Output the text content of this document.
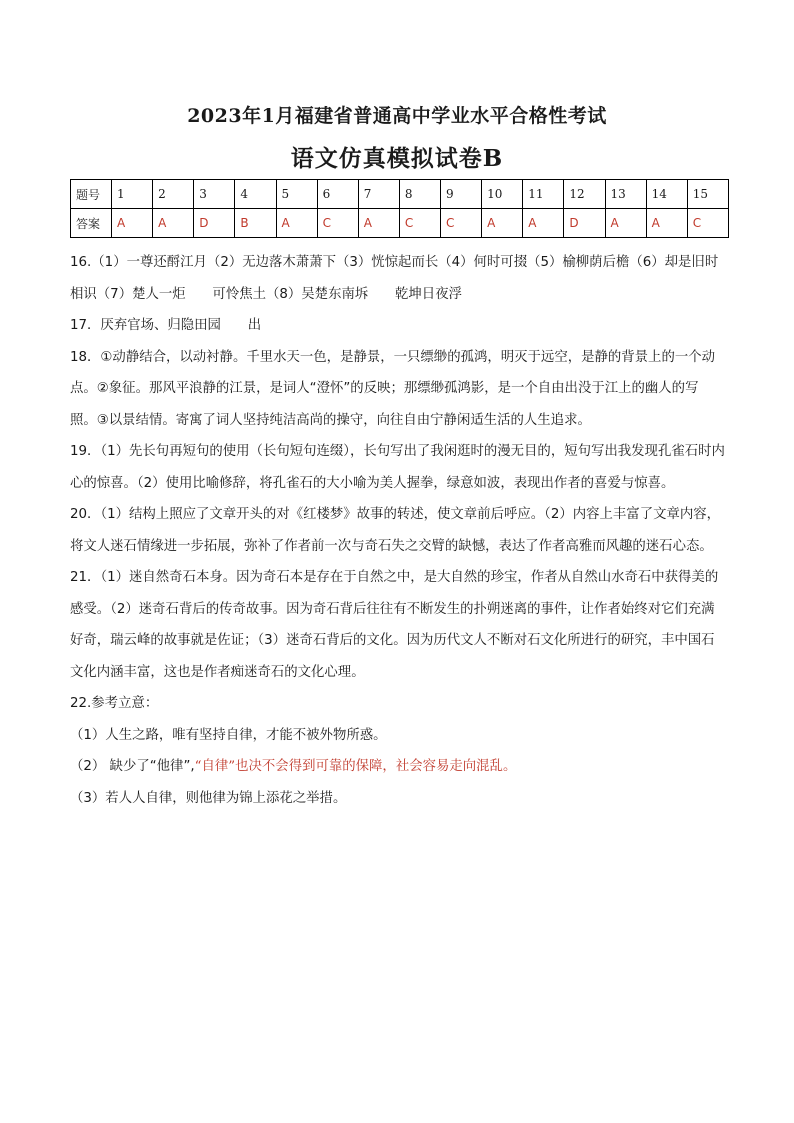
2023年1月福建省普通高中学业水平合格性考试
语文仿真模拟试卷B
题号	1	2	3	4	5	6	7	8	9	10	11	12	13	14	15
答案	A	A	D	B	A	C	A	C	C	A	A	D	A	A	C

16.（1）一尊还酹江月（2）无边落木萧萧下（3）恍惊起而长（4）何时可掇（5）榆柳荫后檐（6）却是旧时相识（7）楚人一炬　　可怜焦土（8）吴楚东南坼　　乾坤日夜浮

17．厌弃官场、归隐田园　　出

18．①动静结合，以动衬静。千里水天一色，是静景，一只缥缈的孤鸿，明灭于远空，是静的背景上的一个动点。②象征。那风平浪静的江景，是词人“澄怀”的反映；那缥缈孤鸿影，是一个自由出没于江上的幽人的写照。③以景结情。寄寓了词人坚持纯洁高尚的操守，向往自由宁静闲适生活的人生追求。

19．（1）先长句再短句的使用（长句短句连缀），长句写出了我闲逛时的漫无目的，短句写出我发现孔雀石时内心的惊喜。（2）使用比喻修辞，将孔雀石的大小喻为美人握拳，绿意如波，表现出作者的喜爱与惊喜。

20．（1）结构上照应了文章开头的对《红楼梦》故事的转述，使文章前后呼应。（2）内容上丰富了文章内容，将文人迷石情缘进一步拓展，弥补了作者前一次与奇石失之交臂的缺憾，表达了作者高雅而风趣的迷石心态。

21．（1）迷自然奇石本身。因为奇石本是存在于自然之中，是大自然的珍宝，作者从自然山水奇石中获得美的感受。（2）迷奇石背后的传奇故事。因为奇石背后往往有不断发生的扑朔迷离的事件，让作者始终对它们充满好奇，瑞云峰的故事就是佐证；（3）迷奇石背后的文化。因为历代文人不断对石文化所进行的研究，丰中国石文化内涵丰富，这也是作者痴迷奇石的文化心理。

22.参考立意：

（1）人生之路，唯有坚持自律，才能不被外物所惑。

（2） 缺少了“他律”,“自律”也决不会得到可靠的保障，社会容易走向混乱。

（3）若人人自律，则他律为锦上添花之举措。
